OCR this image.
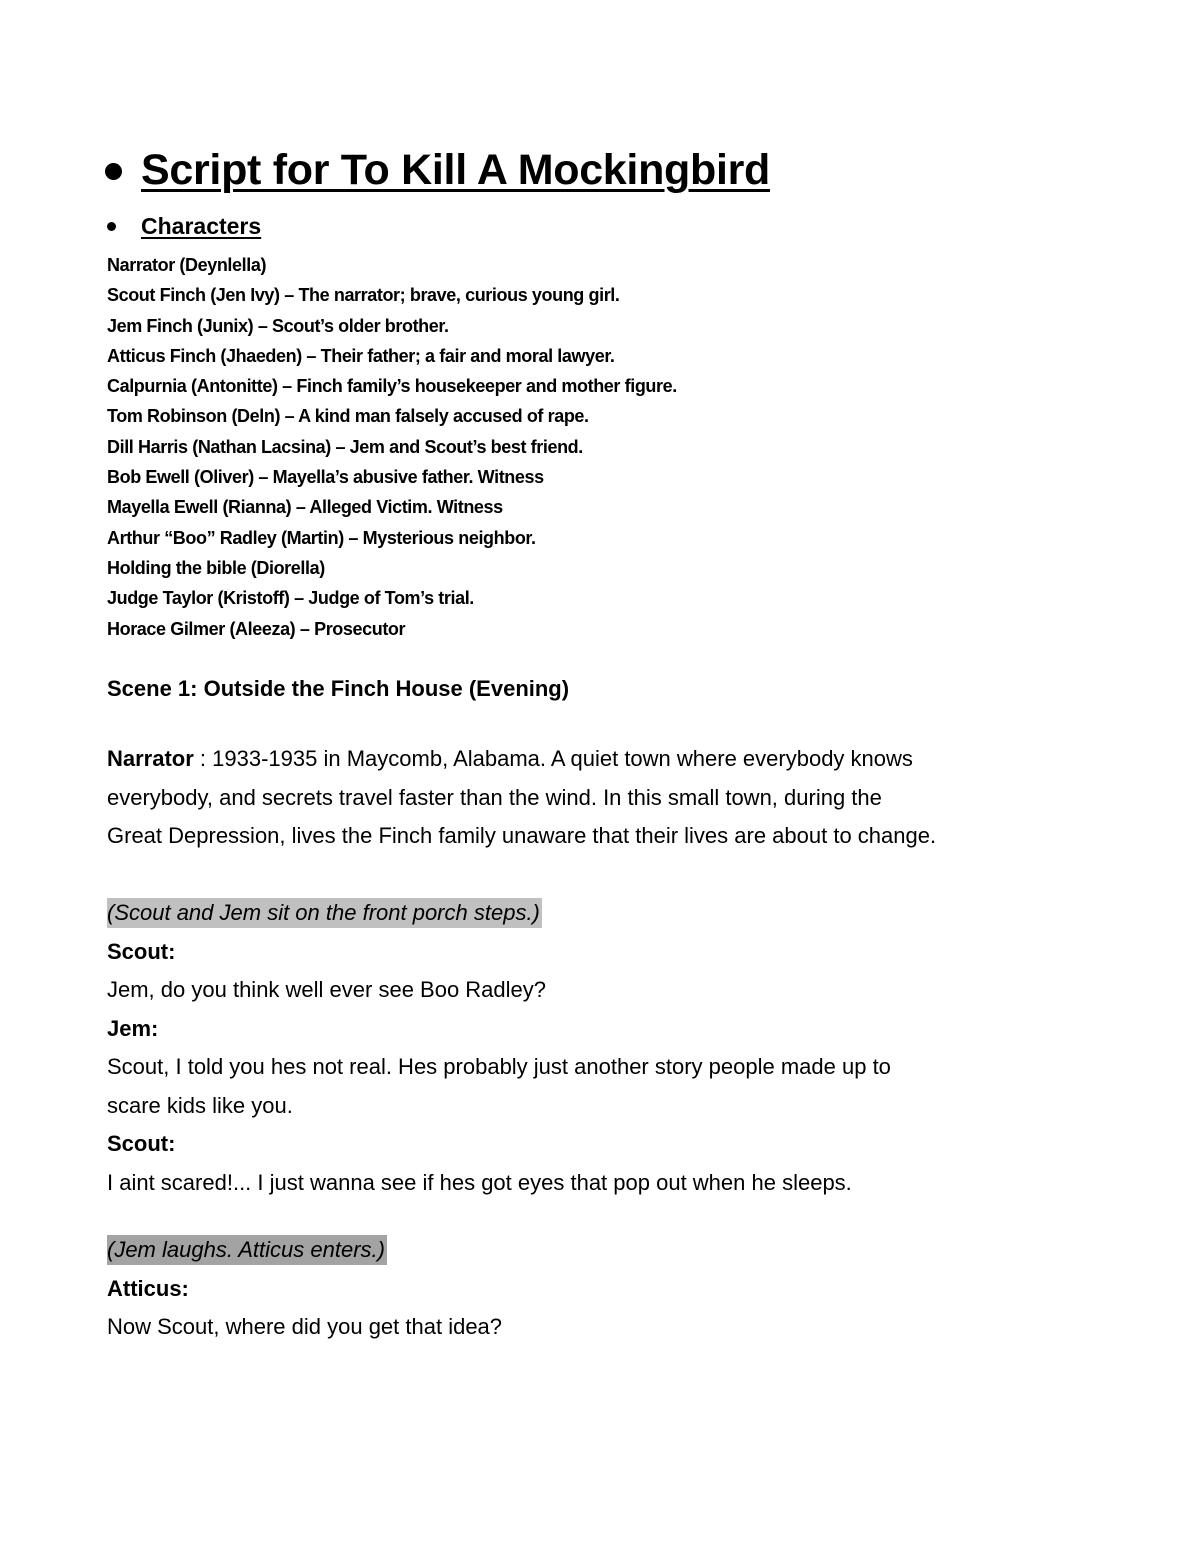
Script for To Kill A Mockingbird
Characters
Narrator (Deynlella)
Scout Finch (Jen Ivy) – The narrator; brave, curious young girl.
Jem Finch (Junix) – Scout’s older brother.
Atticus Finch (Jhaeden) – Their father; a fair and moral lawyer.
Calpurnia (Antonitte) – Finch family’s housekeeper and mother figure.
Tom Robinson (Deln) – A kind man falsely accused of rape.
Dill Harris (Nathan Lacsina) – Jem and Scout’s best friend.
Bob Ewell (Oliver) – Mayella’s abusive father. Witness
Mayella Ewell (Rianna) – Alleged Victim. Witness
Arthur “Boo” Radley (Martin) – Mysterious neighbor.
Holding the bible (Diorella)
Judge Taylor (Kristoff) – Judge of Tom’s trial.
Horace Gilmer (Aleeza) – Prosecutor
Scene 1: Outside the Finch House (Evening)
Narrator : 1933-1935 in Maycomb, Alabama. A quiet town where everybody knows
everybody, and secrets travel faster than the wind. In this small town, during the
Great Depression, lives the Finch family unaware that their lives are about to change.
(Scout and Jem sit on the front porch steps.)
Scout:
Jem, do you think well ever see Boo Radley?
Jem:
Scout, I told you hes not real. Hes probably just another story people made up to
scare kids like you.
Scout:
I aint scared!... I just wanna see if hes got eyes that pop out when he sleeps.
(Jem laughs. Atticus enters.)
Atticus:
Now Scout, where did you get that idea?
